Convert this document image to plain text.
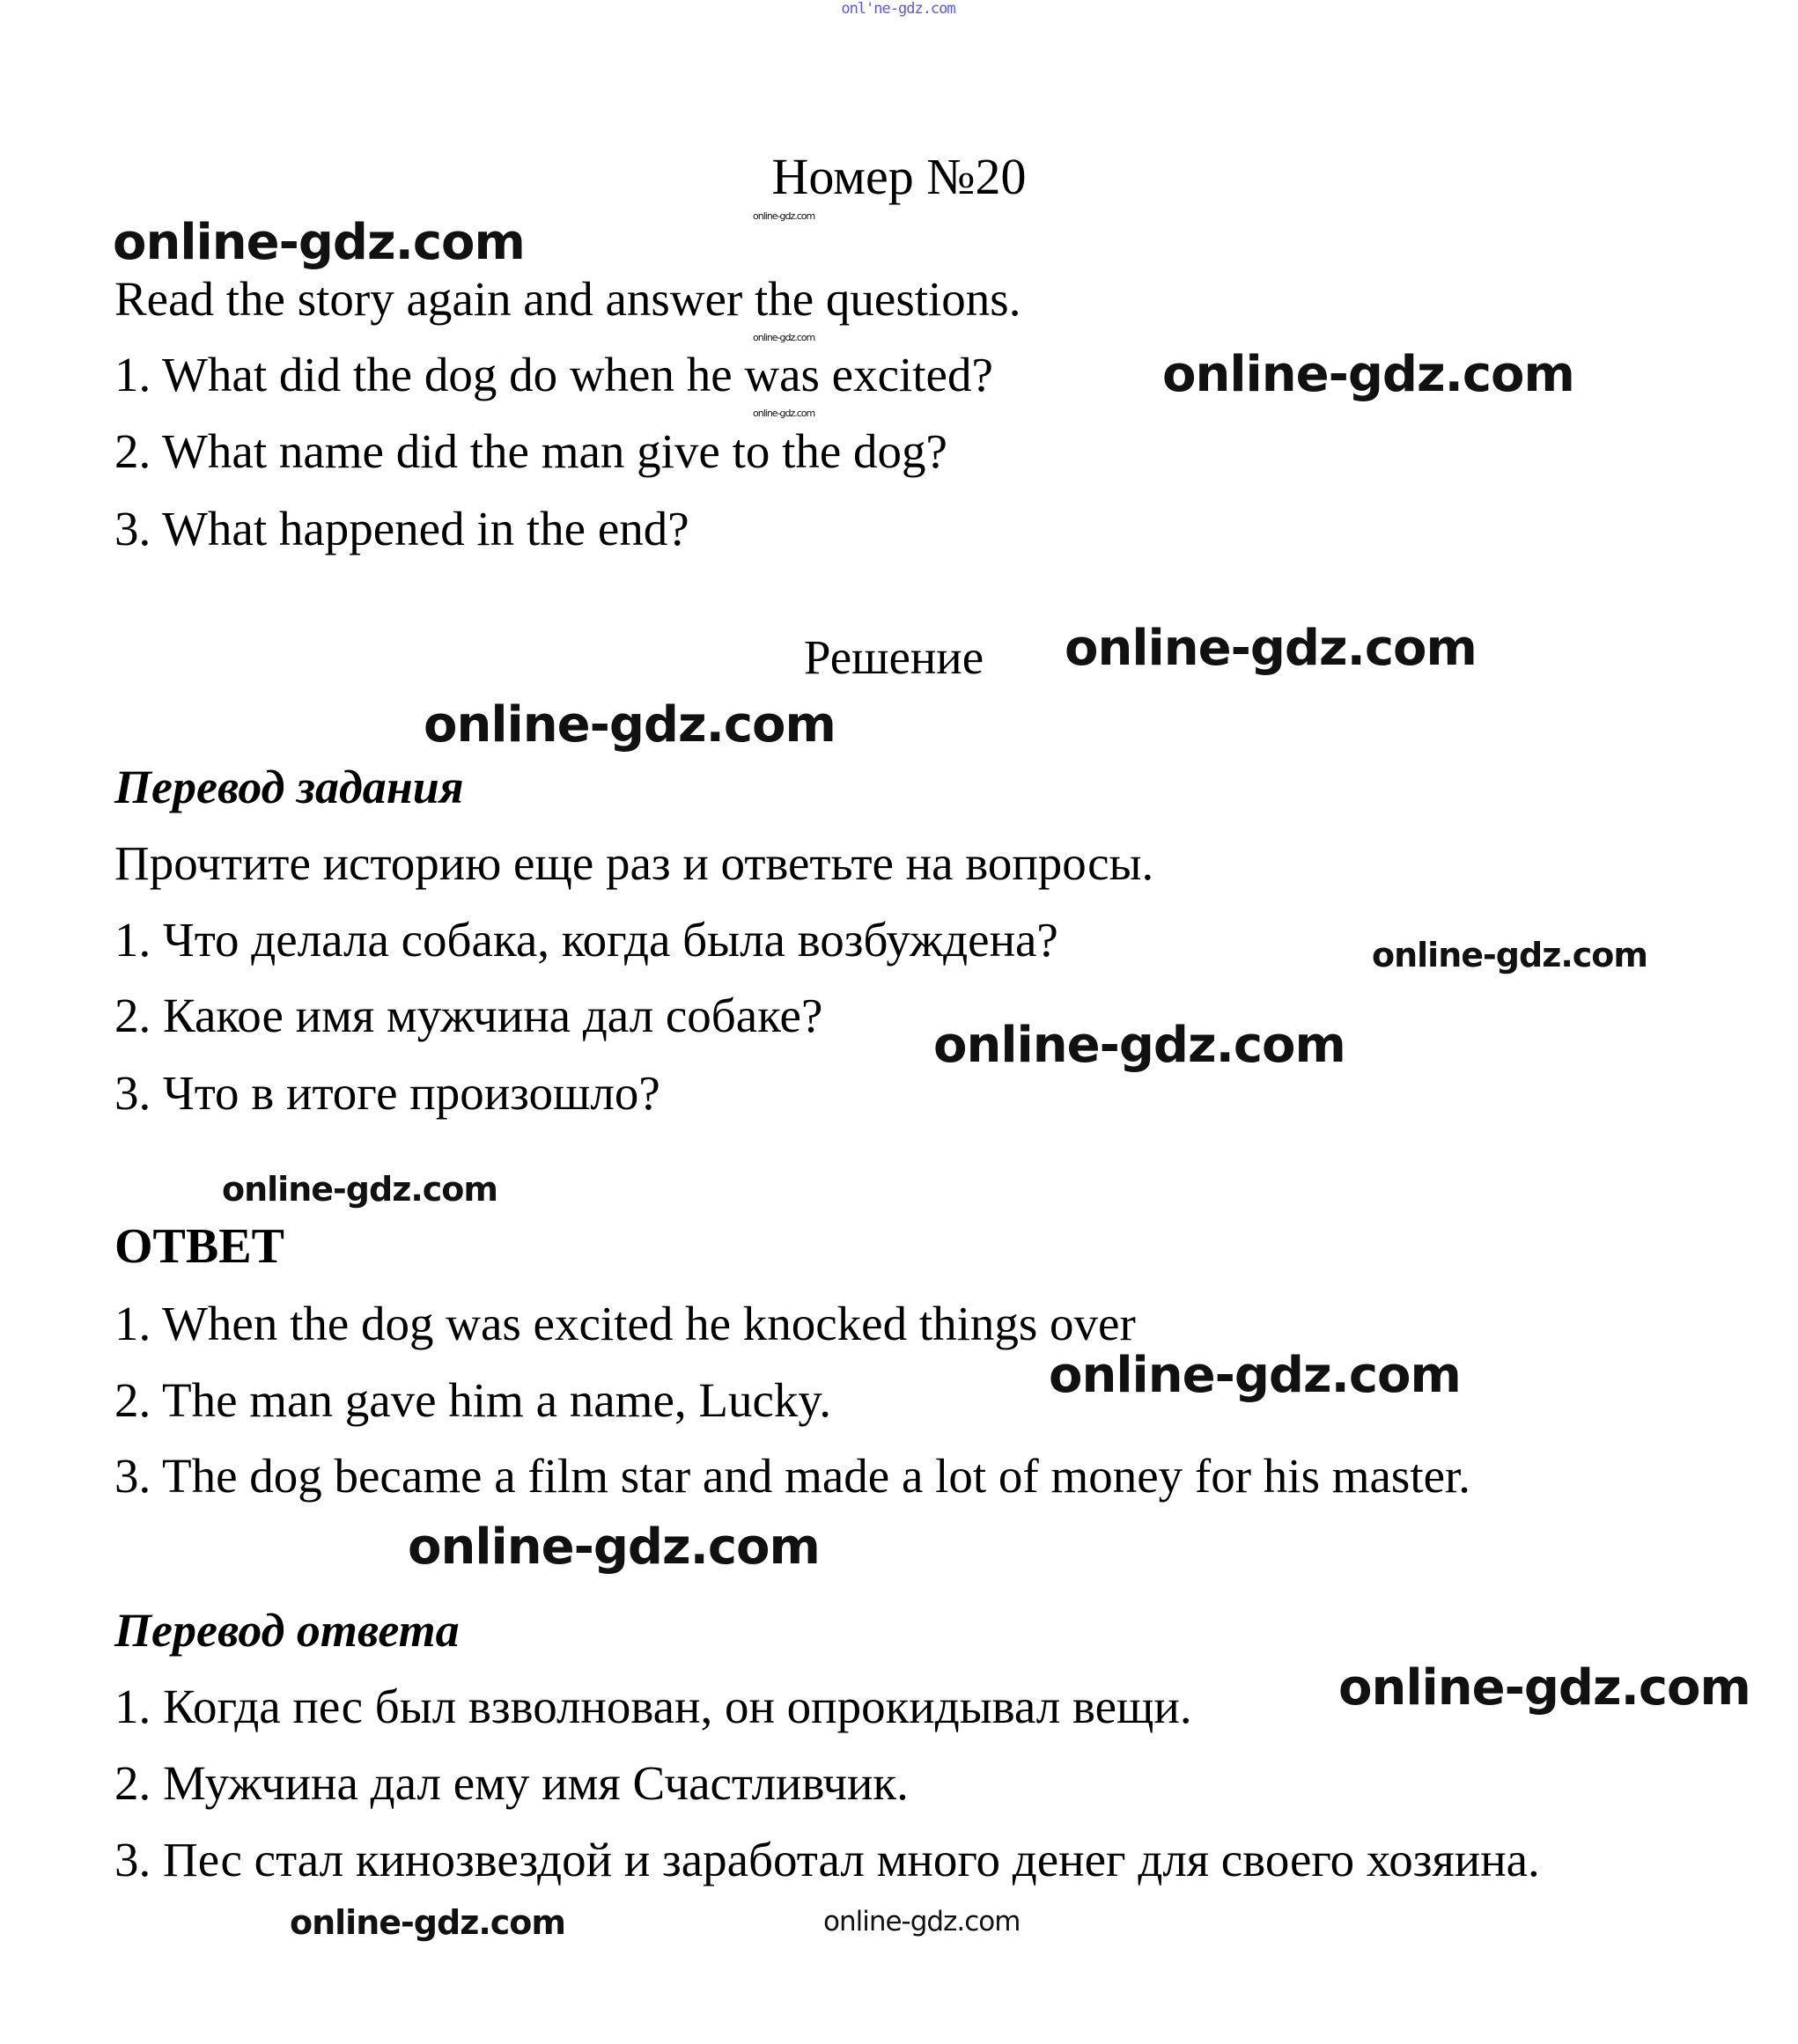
onl'ne-gdz.com
Номер №20
Read the story again and answer the questions.
1. What did the dog do when he was excited?
2. What name did the man give to the dog?
3. What happened in the end?
Решение
Перевод задания
Прочтите историю еще раз и ответьте на вопросы.
1. Что делала собака, когда была возбуждена?
2. Какое имя мужчина дал собаке?
3. Что в итоге произошло?
ОТВЕТ
1. When the dog was excited he knocked things over
2. The man gave him a name, Lucky.
3. The dog became a film star and made a lot of money for his master.
Перевод ответа
1. Когда пес был взволнован, он опрокидывал вещи.
2. Мужчина дал ему имя Счастливчик.
3. Пес стал кинозвездой и заработал много денег для своего хозяина.
online-gdz.com
online-gdz.com
online-gdz.com
online-gdz.com
online-gdz.com
online-gdz.com
online-gdz.com
online-gdz.com
online-gdz.com
online-gdz.com
online-gdz.com
online-gdz.com
online-gdz.com
online-gdz.com	online-gdz.com
